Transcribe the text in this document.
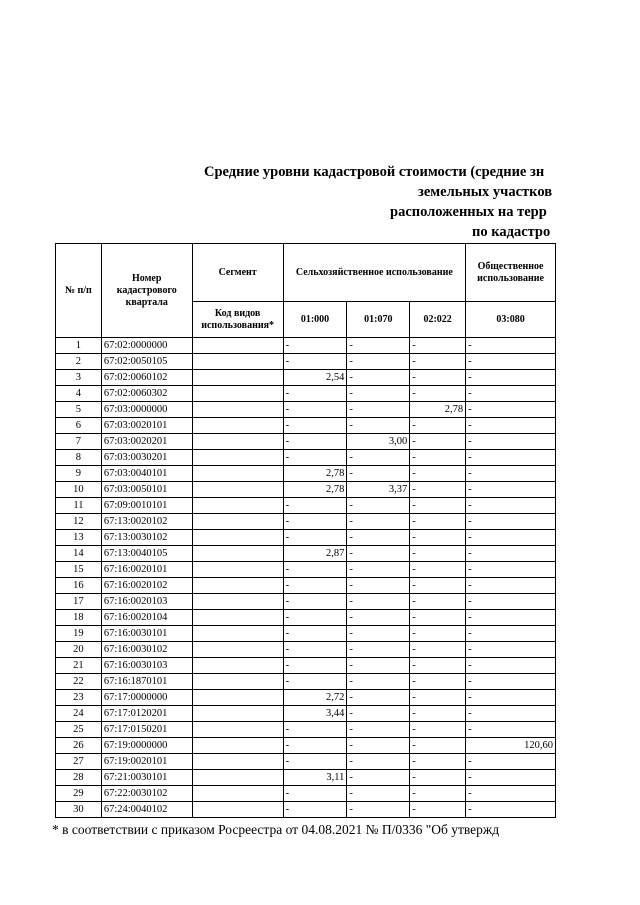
Средние уровни кадастровой стоимости (средние зн
земельных участков
расположенных на терр
по кадастро
№ п/п	Номер кадастрового квартала	Сегмент	Сельхозяйственное использование			Общественное использование
		Код видов использования*	01:000	01:070	02:022	03:080
1	67:02:0000000		-	-	-	-

2	67:02:0050105		-	-	-	-

3	67:02:0060102		2,54	-	-	-

4	67:02:0060302		-	-	-	-

5	67:03:0000000		-	-	2,78	-

6	67:03:0020101		-	-	-	-

7	67:03:0020201		-	3,00	-	-

8	67:03:0030201		-	-	-	-

9	67:03:0040101		2,78	-	-	-

10	67:03:0050101		2,78	3,37	-	-

11	67:09:0010101		-	-	-	-

12	67:13:0020102		-	-	-	-

13	67:13:0030102		-	-	-	-

14	67:13:0040105		2,87	-	-	-

15	67:16:0020101		-	-	-	-

16	67:16:0020102		-	-	-	-

17	67:16:0020103		-	-	-	-

18	67:16:0020104		-	-	-	-

19	67:16:0030101		-	-	-	-

20	67:16:0030102		-	-	-	-

21	67:16:0030103		-	-	-	-

22	67:16:1870101		-	-	-	-

23	67:17:0000000		2,72	-	-	-

24	67:17:0120201		3,44	-	-	-

25	67:17:0150201		-	-	-	-

26	67:19:0000000		-	-	-	120,60
27	67:19:0020101		-	-	-	-

28	67:21:0030101		3,11	-	-	-

29	67:22:0030102		-	-	-	-

30	67:24:0040102		-	-	-	-
* в соответствии с приказом Росреестра от 04.08.2021 № П/0336 "Об утвержд
